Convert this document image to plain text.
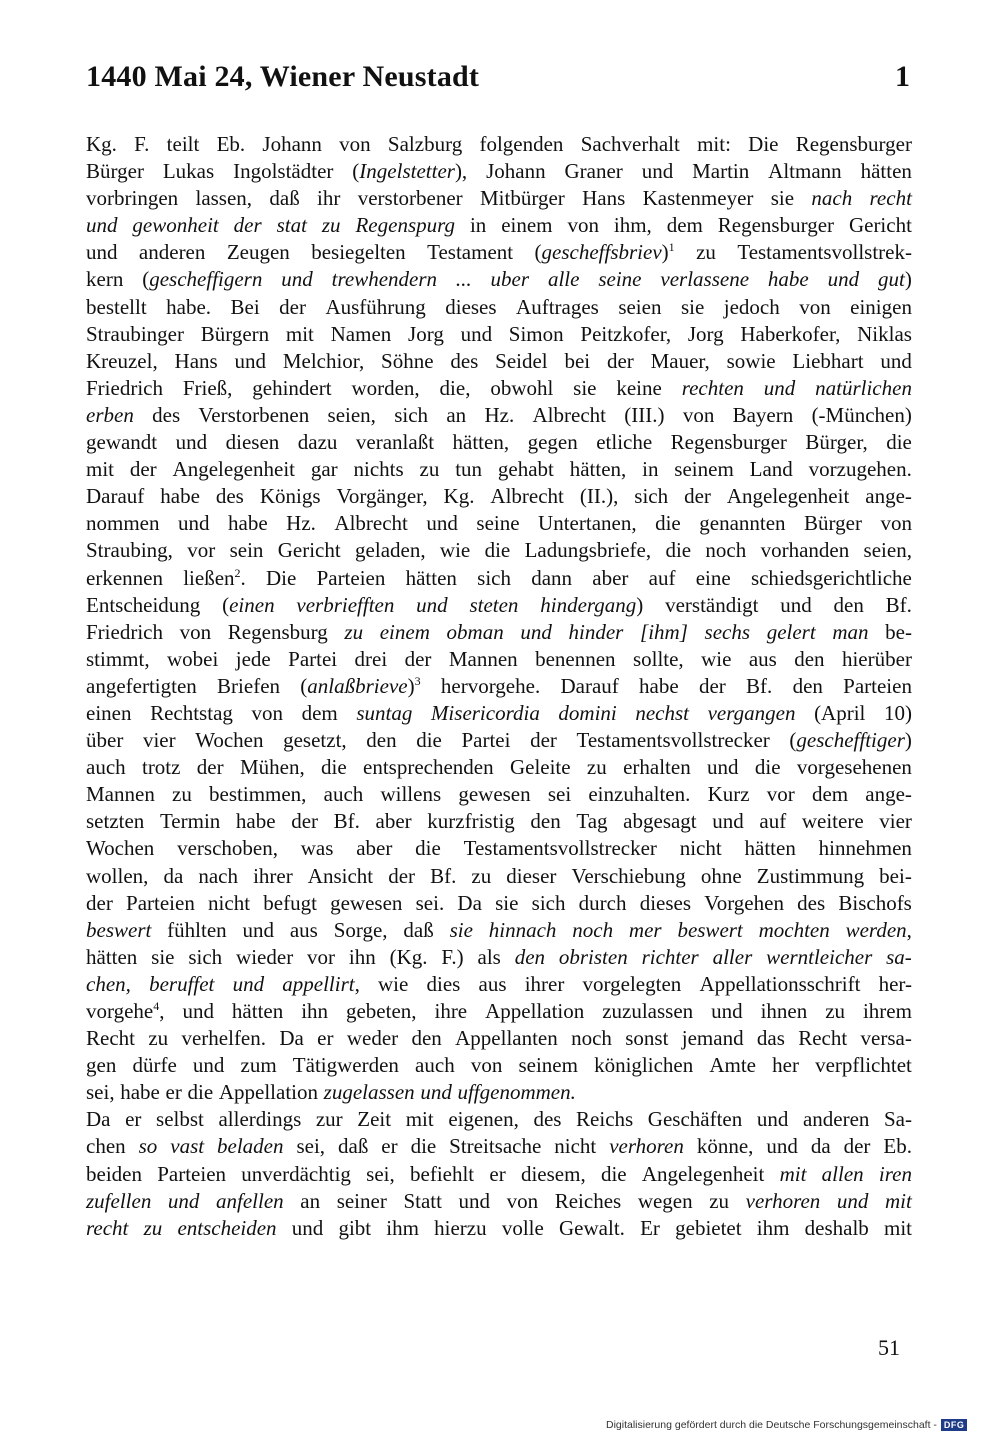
1440 Mai 24, Wiener Neustadt	1
Kg. F. teilt Eb. Johann von Salzburg folgenden Sachverhalt mit: Die Regensburger
Bürger Lukas Ingolstädter (Ingelstetter), Johann Graner und Martin Altmann hätten
vorbringen lassen, daß ihr verstorbener Mitbürger Hans Kastenmeyer sie nach recht
und gewonheit der stat zu Regenspurg in einem von ihm, dem Regensburger Gericht
und anderen Zeugen besiegelten Testament (gescheffsbriev)$^1$ zu Testamentsvollstrek-
kern (gescheffigern und trewhendern ... uber alle seine verlassene habe und gut)
bestellt habe. Bei der Ausführung dieses Auftrages seien sie jedoch von einigen
Straubinger Bürgern mit Namen Jorg und Simon Peitzkofer, Jorg Haberkofer, Niklas
Kreuzel, Hans und Melchior, Söhne des Seidel bei der Mauer, sowie Liebhart und
Friedrich Frieß, gehindert worden, die, obwohl sie keine rechten und natürlichen
erben des Verstorbenen seien, sich an Hz. Albrecht (III.) von Bayern (-München)
gewandt und diesen dazu veranlaßt hätten, gegen etliche Regensburger Bürger, die
mit der Angelegenheit gar nichts zu tun gehabt hätten, in seinem Land vorzugehen.
Darauf habe des Königs Vorgänger, Kg. Albrecht (II.), sich der Angelegenheit ange-
nommen und habe Hz. Albrecht und seine Untertanen, die genannten Bürger von
Straubing, vor sein Gericht geladen, wie die Ladungsbriefe, die noch vorhanden seien,
erkennen ließen$^2$. Die Parteien hätten sich dann aber auf eine schiedsgerichtliche
Entscheidung (einen verbriefften und steten hindergang) verständigt und den Bf.
Friedrich von Regensburg zu einem obman und hinder [ihm] sechs gelert man be-
stimmt, wobei jede Partei drei der Mannen benennen sollte, wie aus den hierüber
angefertigten Briefen (anlaßbrieve)$^3$ hervorgehe. Darauf habe der Bf. den Parteien
einen Rechtstag von dem suntag Misericordia domini nechst vergangen (April 10)
über vier Wochen gesetzt, den die Partei der Testamentsvollstrecker (geschefftiger)
auch trotz der Mühen, die entsprechenden Geleite zu erhalten und die vorgesehenen
Mannen zu bestimmen, auch willens gewesen sei einzuhalten. Kurz vor dem ange-
setzten Termin habe der Bf. aber kurzfristig den Tag abgesagt und auf weitere vier
Wochen verschoben, was aber die Testamentsvollstrecker nicht hätten hinnehmen
wollen, da nach ihrer Ansicht der Bf. zu dieser Verschiebung ohne Zustimmung bei-
der Parteien nicht befugt gewesen sei. Da sie sich durch dieses Vorgehen des Bischofs
beswert fühlten und aus Sorge, daß sie hinnach noch mer beswert mochten werden,
hätten sie sich wieder vor ihn (Kg. F.) als den obristen richter aller werntleicher sa-
chen, beruffet und appellirt, wie dies aus ihrer vorgelegten Appellationsschrift her-
vorgehe$^4$, und hätten ihn gebeten, ihre Appellation zuzulassen und ihnen zu ihrem
Recht zu verhelfen. Da er weder den Appellanten noch sonst jemand das Recht versa-
gen dürfe und zum Tätigwerden auch von seinem königlichen Amte her verpflichtet
sei, habe er die Appellation zugelassen und uffgenommen.
Da er selbst allerdings zur Zeit mit eigenen, des Reichs Geschäften und anderen Sa-
chen so vast beladen sei, daß er die Streitsache nicht verhoren könne, und da der Eb.
beiden Parteien unverdächtig sei, befiehlt er diesem, die Angelegenheit mit allen iren
zufellen und anfellen an seiner Statt und von Reiches wegen zu verhoren und mit
recht zu entscheiden und gibt ihm hierzu volle Gewalt. Er gebietet ihm deshalb mit
51
Digitalisierung gefördert durch die Deutsche Forschungsgemeinschaft - DFG
